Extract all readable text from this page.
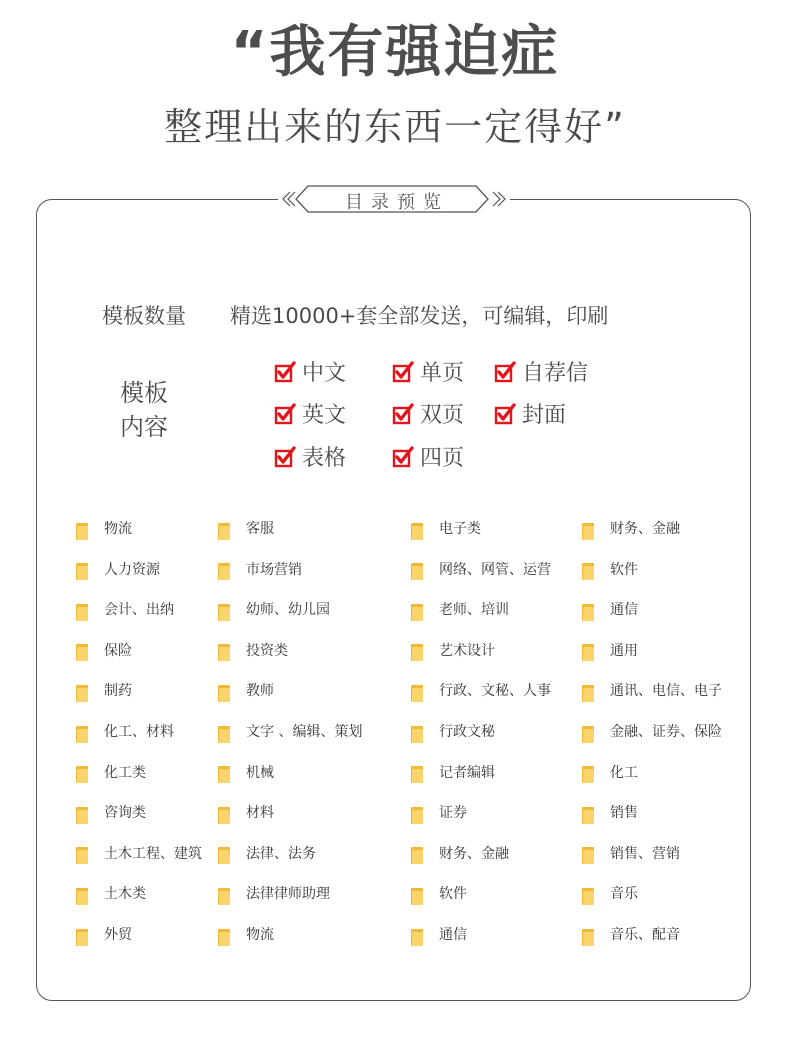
“我有强迫症
整理出来的东西一定得好”
目录预览
模板数量 精选10000+套全部发送，可编辑，印刷
模板
内容
中文	单页	自荐信
英文	双页	封面
表格	四页
物流
人力资源
会计、出纳
保险
制药
化工、材料
化工类
咨询类
土木工程、建筑
土木类
外贸
客服
市场营销
幼师、幼儿园
投资类
教师
文字 、编辑、策划
机械
材料
法律、法务
法律律师助理
物流
电子类
网络、网管、运营
老师、培训
艺术设计
行政、文秘、人事
行政文秘
记者编辑
证券
财务、金融
软件
通信
财务、金融
软件
通信
通用
通讯、电信、电子
金融、证券、保险
化工
销售
销售、营销
音乐
音乐、配音
